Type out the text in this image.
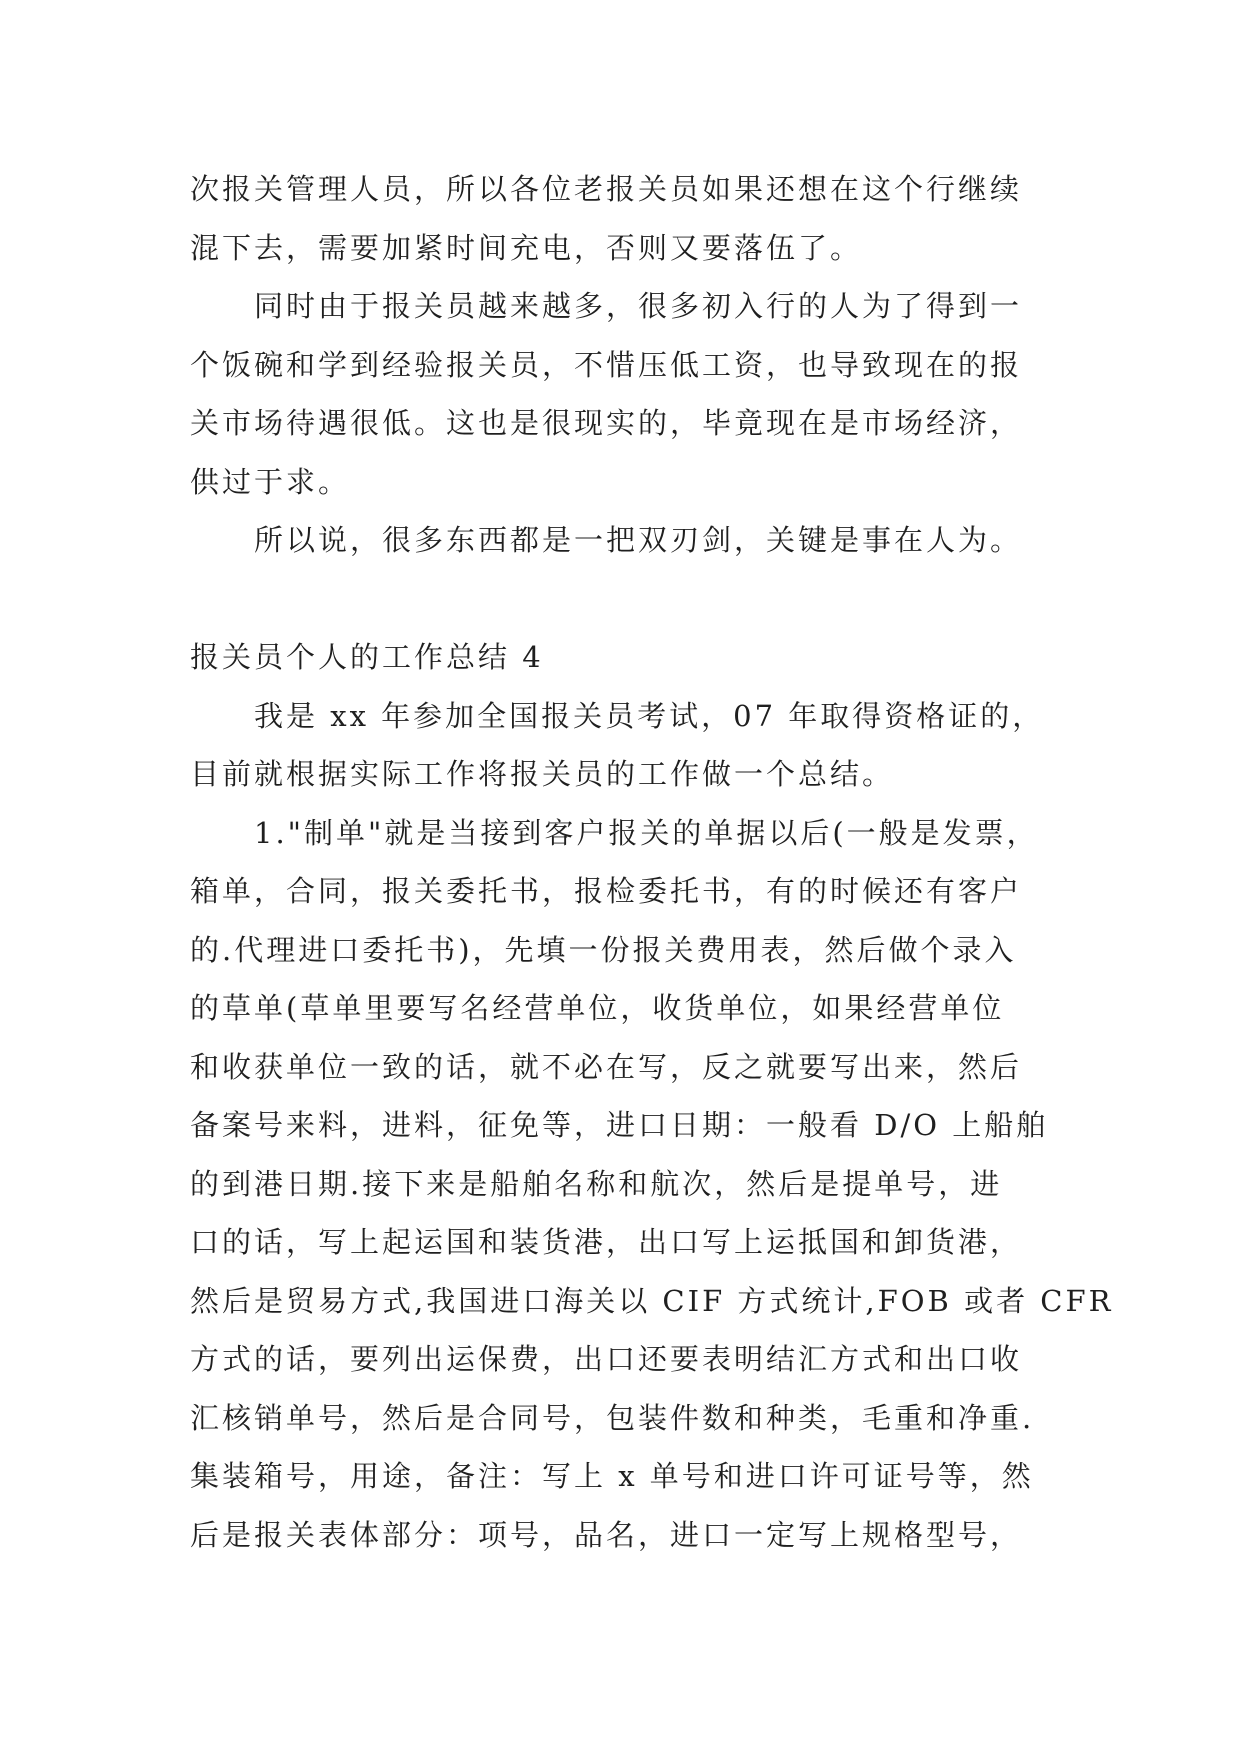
次报关管理人员，所以各位老报关员如果还想在这个行继续
混下去，需要加紧时间充电，否则又要落伍了。
　　同时由于报关员越来越多，很多初入行的人为了得到一
个饭碗和学到经验报关员，不惜压低工资，也导致现在的报
关市场待遇很低。这也是很现实的，毕竟现在是市场经济，
供过于求。
　　所以说，很多东西都是一把双刃剑，关键是事在人为。
报关员个人的工作总结 4
　　我是 xx 年参加全国报关员考试，07 年取得资格证的，
目前就根据实际工作将报关员的工作做一个总结。
　　1."制单"就是当接到客户报关的单据以后(一般是发票，
箱单，合同，报关委托书，报检委托书，有的时候还有客户
的.代理进口委托书)，先填一份报关费用表，然后做个录入
的草单(草单里要写名经营单位，收货单位，如果经营单位
和收获单位一致的话，就不必在写，反之就要写出来，然后
备案号来料，进料，征免等，进口日期：一般看 D/O 上船舶
的到港日期.接下来是船舶名称和航次，然后是提单号，进
口的话，写上起运国和装货港，出口写上运抵国和卸货港，
然后是贸易方式,我国进口海关以 CIF 方式统计,FOB 或者 CFR
方式的话，要列出运保费，出口还要表明结汇方式和出口收
汇核销单号，然后是合同号，包装件数和种类，毛重和净重.
集装箱号，用途，备注：写上 x 单号和进口许可证号等，然
后是报关表体部分：项号，品名，进口一定写上规格型号，
